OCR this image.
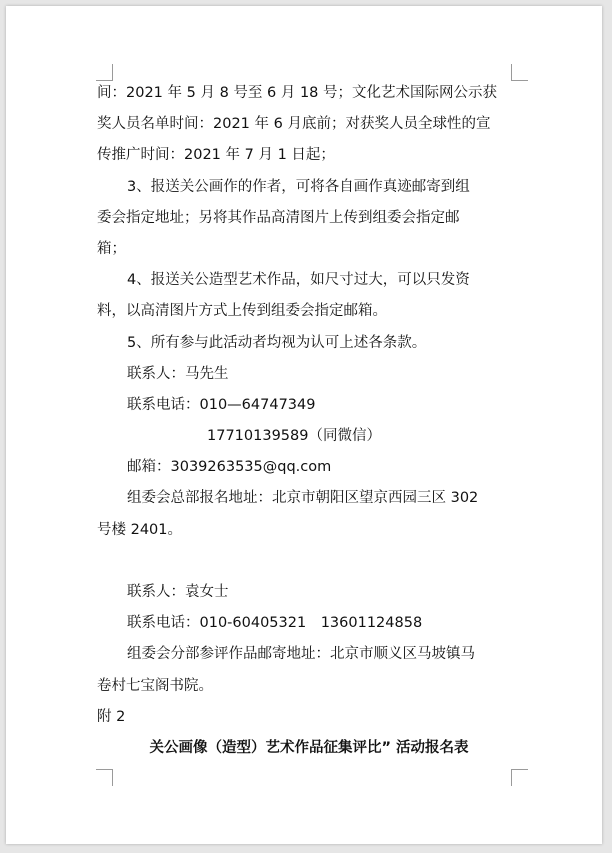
间：2021 年 5 月 8 号至 6 月 18 号；文化艺术国际网公示获
奖人员名单时间：2021 年 6 月底前；对获奖人员全球性的宣
传推广时间：2021 年 7 月 1 日起；
3、报送关公画作的作者，可将各自画作真迹邮寄到组
委会指定地址；另将其作品高清图片上传到组委会指定邮
箱；
4、报送关公造型艺术作品，如尺寸过大，可以只发资
料，以高清图片方式上传到组委会指定邮箱。
5、所有参与此活动者均视为认可上述各条款。
联系人：马先生
联系电话：010—64747349
17710139589（同微信）
邮箱：3039263535@qq.com
组委会总部报名地址：北京市朝阳区望京西园三区 302
号楼 2401。
联系人：袁女士
联系电话：010-60405321　13601124858
组委会分部参评作品邮寄地址：北京市顺义区马坡镇马
卷村七宝阁书院。
附 2
关公画像（造型）艺术作品征集评比” 活动报名表
